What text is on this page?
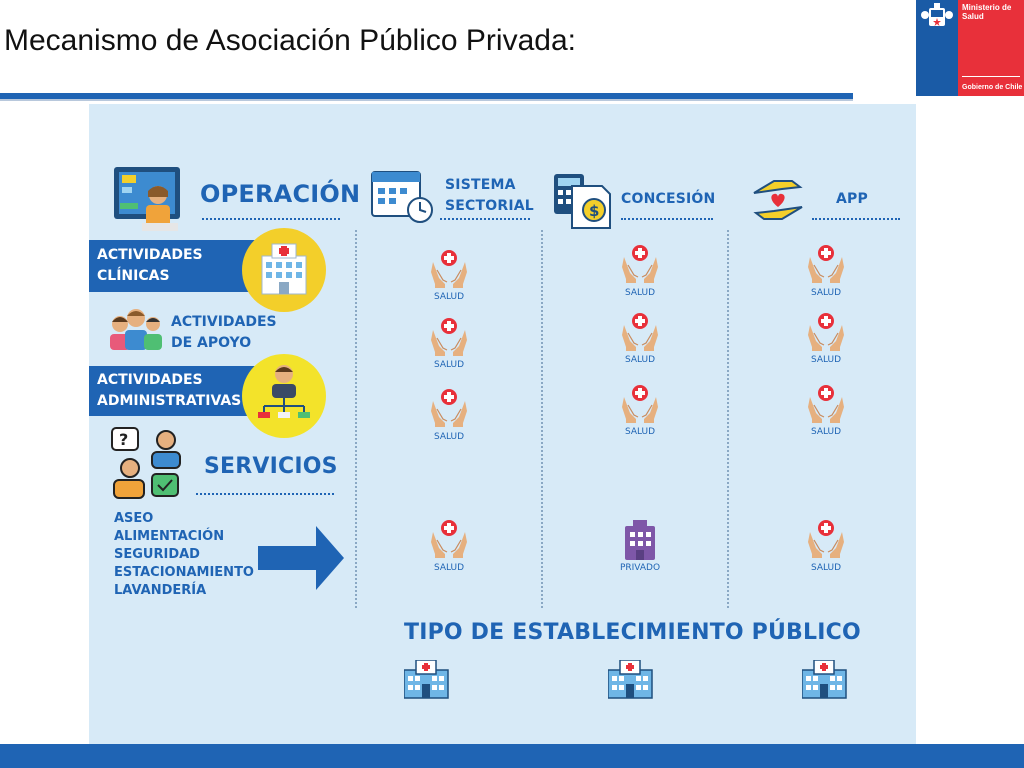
Mecanismo de Asociación Público Privada:
Ministerio de
Salud
Gobierno de Chile
OPERACIÓN
ACTIVIDADES
CLÍNICAS
ACTIVIDADES
DE APOYO
ACTIVIDADES
ADMINISTRATIVAS
?
SERVICIOS
ASEO
ALIMENTACIÓN
SEGURIDAD
ESTACIONAMIENTO
LAVANDERÍA
SISTEMA
SECTORIAL	$
CONCESIÓN	APP
SALUD
SALUD
SALUD
SALUD
SALUD
SALUD
SALUD
PRIVADO
SALUD
SALUD
SALUD
SALUD
TIPO DE ESTABLECIMIENTO PÚBLICO
